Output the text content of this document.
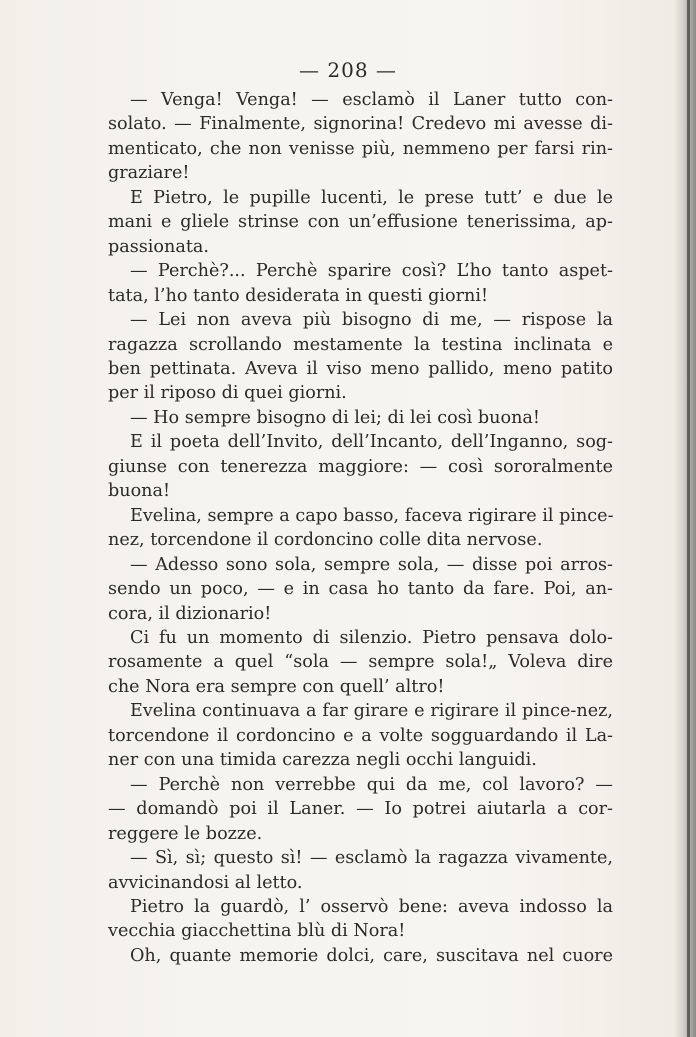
— 208 —
— Venga! Venga! — esclamò il Laner tutto con-
solato. — Finalmente, signorina! Credevo mi avesse di-
menticato, che non venisse più, nemmeno per farsi rin-
graziare!
E Pietro, le pupille lucenti, le prese tutt’ e due le
mani e gliele strinse con un’effusione tenerissima, ap-
passionata.
— Perchè?... Perchè sparire così? L’ho tanto aspet-
tata, l’ho tanto desiderata in questi giorni!
— Lei non aveva più bisogno di me, — rispose la
ragazza scrollando mestamente la testina inclinata e
ben pettinata. Aveva il viso meno pallido, meno patito
per il riposo di quei giorni.
— Ho sempre bisogno di lei; di lei così buona!
E il poeta dell’Invito, dell’Incanto, dell’Inganno, sog-
giunse con tenerezza maggiore: — così sororalmente
buona!
Evelina, sempre a capo basso, faceva rigirare il pince-
nez, torcendone il cordoncino colle dita nervose.
— Adesso sono sola, sempre sola, — disse poi arros-
sendo un poco, — e in casa ho tanto da fare. Poi, an-
cora, il dizionario!
Ci fu un momento di silenzio. Pietro pensava dolo-
rosamente a quel “sola — sempre sola!„ Voleva dire
che Nora era sempre con quell’ altro!
Evelina continuava a far girare e rigirare il pince-nez,
torcendone il cordoncino e a volte sogguardando il La-
ner con una timida carezza negli occhi languidi.
— Perchè non verrebbe qui da me, col lavoro? —
— domandò poi il Laner. — Io potrei aiutarla a cor-
reggere le bozze.
— Sì, sì; questo sì! — esclamò la ragazza vivamente,
avvicinandosi al letto.
Pietro la guardò, l’ osservò bene: aveva indosso la
vecchia giacchettina blù di Nora!
Oh, quante memorie dolci, care, suscitava nel cuore
